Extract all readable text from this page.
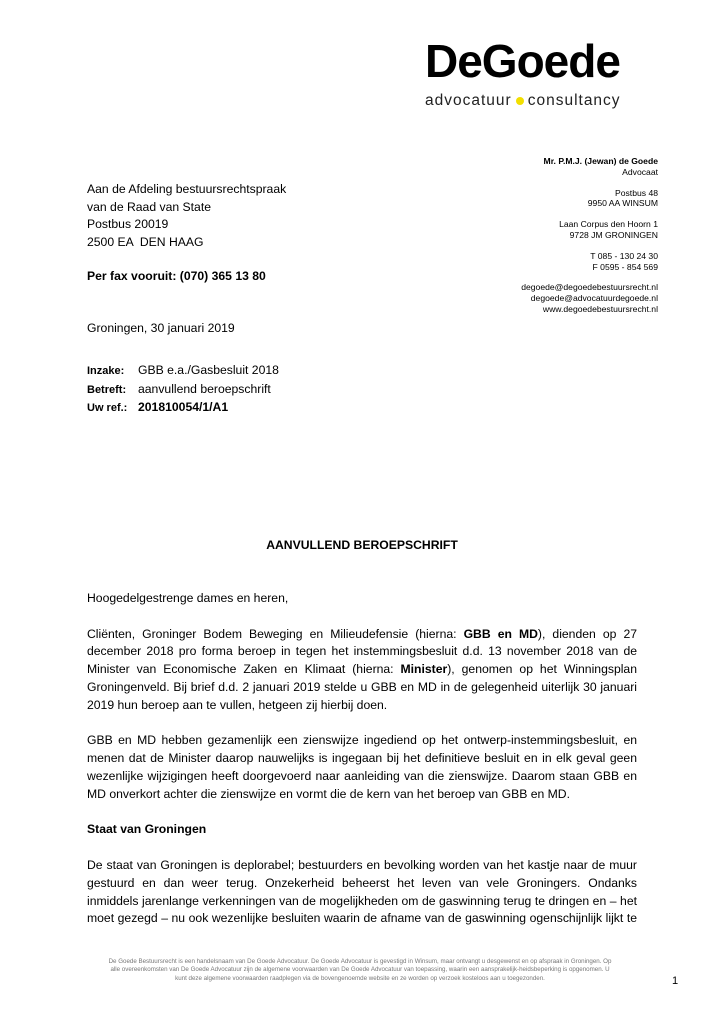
DeGoede
advocatuur consultancy
Mr. P.M.J. (Jewan) de Goede
Advocaat
Postbus 48
9950 AA WINSUM
Laan Corpus den Hoorn 1
9728 JM GRONINGEN
T 085 - 130 24 30
F 0595 - 854 569
degoede@degoedebestuursrecht.nl
degoede@advocatuurdegoede.nl
www.degoedebestuursrecht.nl
Aan de Afdeling bestuursrechtspraak
van de Raad van State
Postbus 20019
2500 EA  DEN HAAG
Per fax vooruit: (070) 365 13 80
Groningen, 30 januari 2019
Inzake: GBB e.a./Gasbesluit 2018
Betreft: aanvullend beroepschrift
Uw ref.: 201810054/1/A1
AANVULLEND BEROEPSCHRIFT

Hoogedelgestrenge dames en heren,

Cliënten, Groninger Bodem Beweging en Milieudefensie (hierna: GBB en MD), dienden op 27 december 2018 pro forma beroep in tegen het instemmingsbesluit d.d. 13 november 2018 van de Minister van Economische Zaken en Klimaat (hierna: Minister), genomen op het Winningsplan Groningenveld. Bij brief d.d. 2 januari 2019 stelde u GBB en MD in de gelegenheid uiterlijk 30 januari 2019 hun beroep aan te vullen, hetgeen zij hierbij doen.

GBB en MD hebben gezamenlijk een zienswijze ingediend op het ontwerp-instemmingsbesluit, en menen dat de Minister daarop nauwelijks is ingegaan bij het definitieve besluit en in elk geval geen wezenlijke wijzigingen heeft doorgevoerd naar aanleiding van die zienswijze. Daarom staan GBB en MD onverkort achter die zienswijze en vormt die de kern van het beroep van GBB en MD.

Staat van Groningen

De staat van Groningen is deplorabel; bestuurders en bevolking worden van het kastje naar de muur gestuurd en dan weer terug. Onzekerheid beheerst het leven van vele Groningers. Ondanks inmiddels jarenlange verkenningen van de mogelijkheden om de gaswinning terug te dringen en – het moet gezegd – nu ook wezenlijke besluiten waarin de afname van de gaswinning ogenschijnlijk lijkt te

De Goede Bestuursrecht is een handelsnaam van De Goede Advocatuur. De Goede Advocatuur is gevestigd in Winsum, maar ontvangt u desgewenst en op afspraak in Groningen. Op alle overeenkomsten van De Goede Advocatuur zijn de algemene voorwaarden van De Goede Advocatuur van toepassing, waarin een aansprakelijk-heidsbeperking is opgenomen. U kunt deze algemene voorwaarden raadplegen via de bovengenoemde website en ze worden op verzoek kosteloos aan u toegezonden.	1
